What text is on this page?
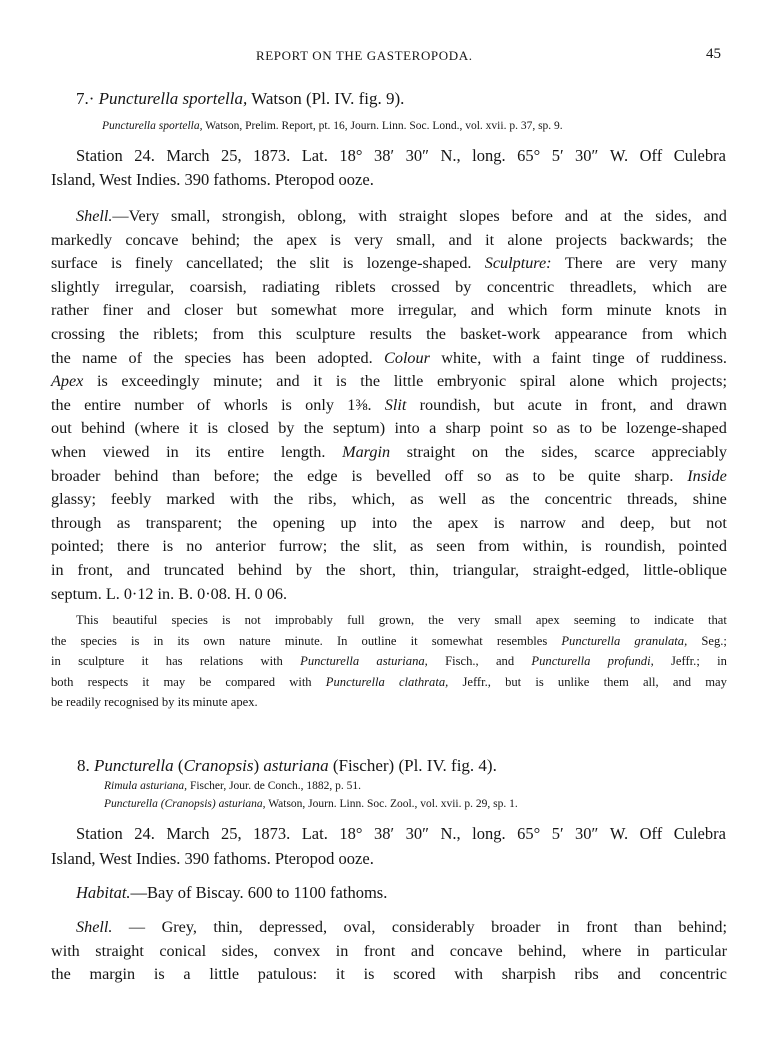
REPORT ON THE GASTEROPODA.	45
7.· Puncturella sportella, Watson (Pl. IV. fig. 9).
Puncturella sportella, Watson, Prelim. Report, pt. 16, Journ. Linn. Soc. Lond., vol. xvii. p. 37, sp. 9.
Station 24. March 25, 1873. Lat. 18° 38′ 30″ N., long. 65° 5′ 30″ W. Off Culebra
Island, West Indies. 390 fathoms. Pteropod ooze.
Shell.—Very small, strongish, oblong, with straight slopes before and at the sides, and
markedly concave behind; the apex is very small, and it alone projects backwards; the
surface is finely cancellated; the slit is lozenge-shaped. Sculpture: There are very many
slightly irregular, coarsish, radiating riblets crossed by concentric threadlets, which are
rather finer and closer but somewhat more irregular, and which form minute knots in
crossing the riblets; from this sculpture results the basket-work appearance from which
the name of the species has been adopted. Colour white, with a faint tinge of ruddiness.
Apex is exceedingly minute; and it is the little embryonic spiral alone which projects;
the entire number of whorls is only 1⅜. Slit roundish, but acute in front, and drawn
out behind (where it is closed by the septum) into a sharp point so as to be lozenge-shaped
when viewed in its entire length. Margin straight on the sides, scarce appreciably
broader behind than before; the edge is bevelled off so as to be quite sharp. Inside
glassy; feebly marked with the ribs, which, as well as the concentric threads, shine
through as transparent; the opening up into the apex is narrow and deep, but not
pointed; there is no anterior furrow; the slit, as seen from within, is roundish, pointed
in front, and truncated behind by the short, thin, triangular, straight-edged, little-oblique
septum. L. 0·12 in. B. 0·08. H. 0 06.
This beautiful species is not improbably full grown, the very small apex seeming to indicate that
the species is in its own nature minute. In outline it somewhat resembles Puncturella granulata, Seg.;
in sculpture it has relations with Puncturella asturiana, Fisch., and Puncturella profundi, Jeffr.; in
both respects it may be compared with Puncturella clathrata, Jeffr., but is unlike them all, and may
be readily recognised by its minute apex.
8. Puncturella (Cranopsis) asturiana (Fischer) (Pl. IV. fig. 4).
Rimula asturiana, Fischer, Jour. de Conch., 1882, p. 51.
Puncturella (Cranopsis) asturiana, Watson, Journ. Linn. Soc. Zool., vol. xvii. p. 29, sp. 1.
Station 24. March 25, 1873. Lat. 18° 38′ 30″ N., long. 65° 5′ 30″ W. Off Culebra
Island, West Indies. 390 fathoms. Pteropod ooze.
Habitat.—Bay of Biscay. 600 to 1100 fathoms.
Shell. — Grey, thin, depressed, oval, considerably broader in front than behind;
with straight conical sides, convex in front and concave behind, where in particular
the margin is a little patulous: it is scored with sharpish ribs and concentric
